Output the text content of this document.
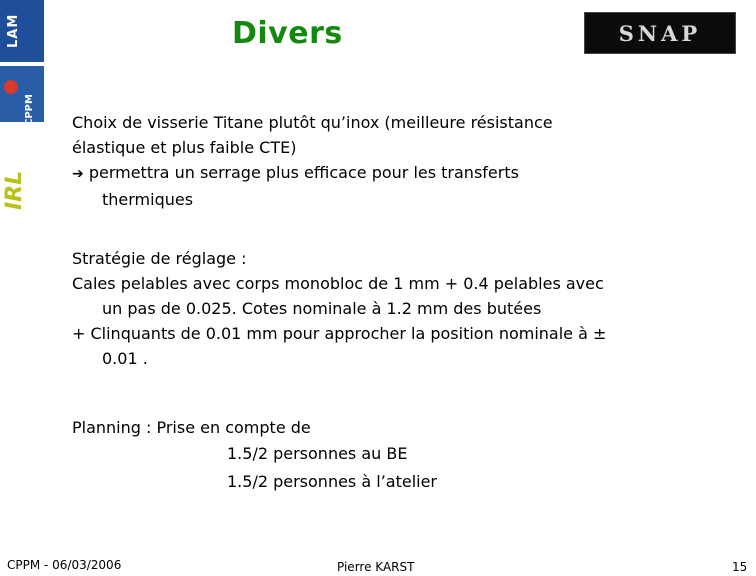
LAM
CPPM
IRL
Divers	SNAP

Choix de visserie Titane plutôt qu’inox (meilleure résistance

élastique et plus faible CTE)

➔ permettra un serrage plus efficace pour les transferts

thermiques

Stratégie de réglage :

Cales pelables avec corps monobloc de 1 mm + 0.4 pelables avec

un pas de 0.025. Cotes nominale à 1.2 mm des butées

+ Clinquants de 0.01 mm pour approcher la position nominale à ±

0.01 .

Planning : Prise en compte de

1.5/2 personnes au BE

1.5/2 personnes à l’atelier

CPPM - 06/03/2006	Pierre KARST	15
